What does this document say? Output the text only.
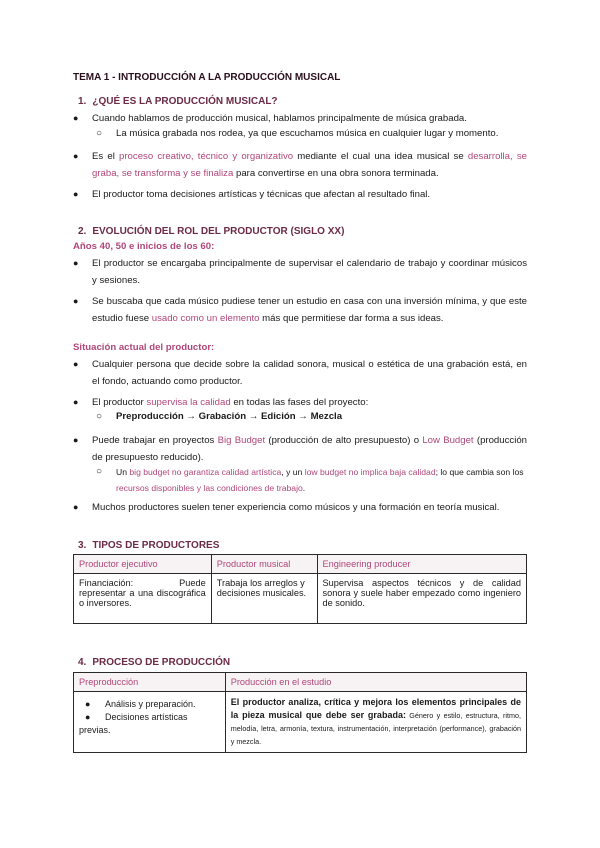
TEMA 1 - INTRODUCCIÓN A LA PRODUCCIÓN MUSICAL
1. ¿QUÉ ES LA PRODUCCIÓN MUSICAL?
●	Cuando hablamos de producción musical, hablamos principalmente de música grabada.
○ La música grabada nos rodea, ya que escuchamos música en cualquier lugar y momento.
●	Es el proceso creativo, técnico y organizativo mediante el cual una idea musical se desarrolla, se graba, se transforma y se finaliza para convertirse en una obra sonora terminada.
●	El productor toma decisiones artísticas y técnicas que afectan al resultado final.
2. EVOLUCIÓN DEL ROL DEL PRODUCTOR (SIGLO XX)
Años 40, 50 e inicios de los 60:
●	El productor se encargaba principalmente de supervisar el calendario de trabajo y coordinar músicos y sesiones.
●	Se buscaba que cada músico pudiese tener un estudio en casa con una inversión mínima, y que este estudio fuese usado como un elemento más que permitiese dar forma a sus ideas.
Situación actual del productor:
●	Cualquier persona que decide sobre la calidad sonora, musical o estética de una grabación está, en el fondo, actuando como productor.
●	El productor supervisa la calidad en todas las fases del proyecto:
○ Preproducción → Grabación → Edición → Mezcla
●	Puede trabajar en proyectos Big Budget (producción de alto presupuesto) o Low Budget (producción de presupuesto reducido).
○ Un big budget no garantiza calidad artística, y un low budget no implica baja calidad; lo que cambia son los recursos disponibles y las condiciones de trabajo.
●	Muchos productores suelen tener experiencia como músicos y una formación en teoría musical.
3. TIPOS DE PRODUCTORES
Productor ejecutivo	Productor musical	Engineering producer
Financiación: Puede representar a una discográfica o inversores.	Trabaja los arreglos y decisiones musicales.	Supervisa aspectos técnicos y de calidad sonora y suele haber empezado como ingeniero de sonido.
4. PROCESO DE PRODUCCIÓN
Preproducción	Producción en el estudio

● Análisis y preparación.
● Decisiones artísticas previas.	El productor analiza, crítica y mejora los elementos principales de la pieza musical que debe ser grabada: Género y estilo, estructura, ritmo, melodía, letra, armonía, textura, instrumentación, interpretación (performance), grabación y mezcla.
